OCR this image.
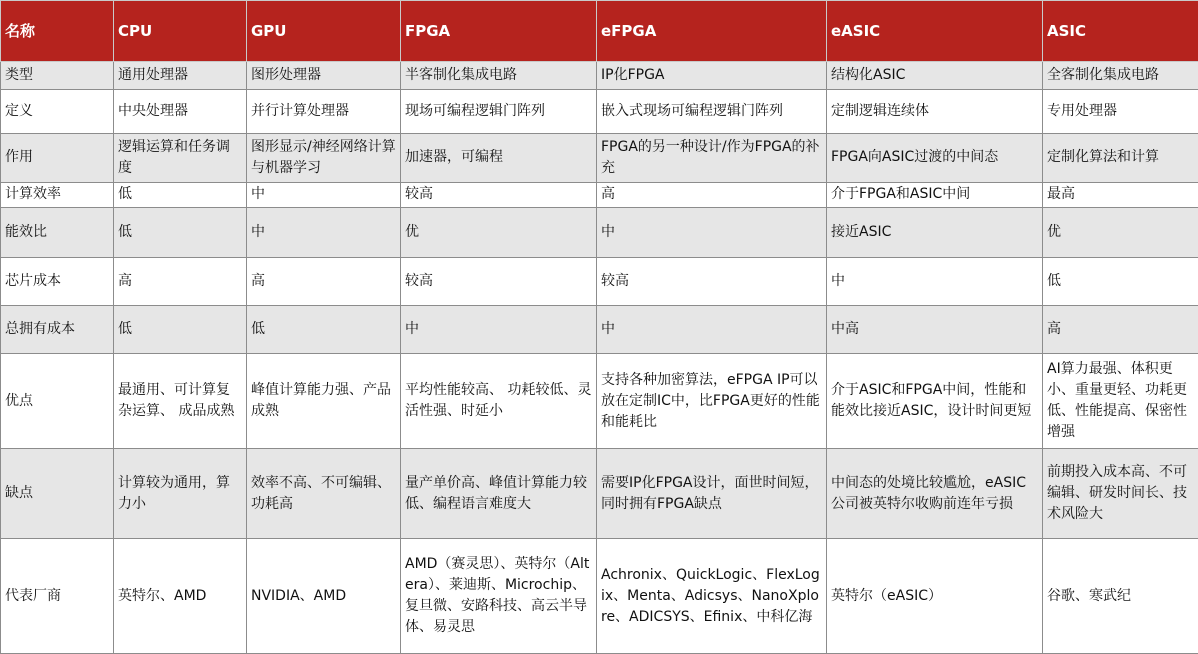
名称	CPU	GPU	FPGA	eFPGA	eASIC	ASIC
类型	通用处理器	图形处理器	半客制化集成电路	IP化FPGA	结构化ASIC	全客制化集成电路
定义	中央处理器	并行计算处理器	现场可编程逻辑门阵列	嵌入式现场可编程逻辑门阵列	定制逻辑连续体	专用处理器
作用	逻辑运算和任务调度	图形显示/神经网络计算与机器学习	加速器，可编程	FPGA的另一种设计/作为FPGA的补充	FPGA向ASIC过渡的中间态	定制化算法和计算
计算效率	低	中	较高	高	介于FPGA和ASIC中间	最高
能效比	低	中	优	中	接近ASIC	优
芯片成本	高	高	较高	较高	中	低
总拥有成本	低	低	中	中	中高	高
优点	最通用、可计算复杂运算、 成品成熟	峰值计算能力强、产品成熟	平均性能较高、 功耗较低、灵活性强、时延小	支持各种加密算法，eFPGA IP可以放在定制IC中，比FPGA更好的性能和能耗比	介于ASIC和FPGA中间，性能和能效比接近ASIC，设计时间更短	AI算力最强、体积更小、重量更轻、功耗更低、性能提高、保密性增强
缺点	计算较为通用，算力小	效率不高、不可编辑、功耗高	量产单价高、峰值计算能力较低、编程语言难度大	需要IP化FPGA设计，面世时间短，同时拥有FPGA缺点	中间态的处境比较尴尬，eASIC公司被英特尔收购前连年亏损	前期投入成本高、不可编辑、研发时间长、技术风险大
代表厂商	英特尔、AMD	NVIDIA、AMD	AMD（赛灵思）、英特尔（Altera）、莱迪斯、Microchip、复旦微、安路科技、高云半导体、易灵思	Achronix、QuickLogic、FlexLogix、Menta、Adicsys、NanoXplore、ADICSYS、Efinix、中科亿海	英特尔（eASIC）	谷歌、寒武纪
